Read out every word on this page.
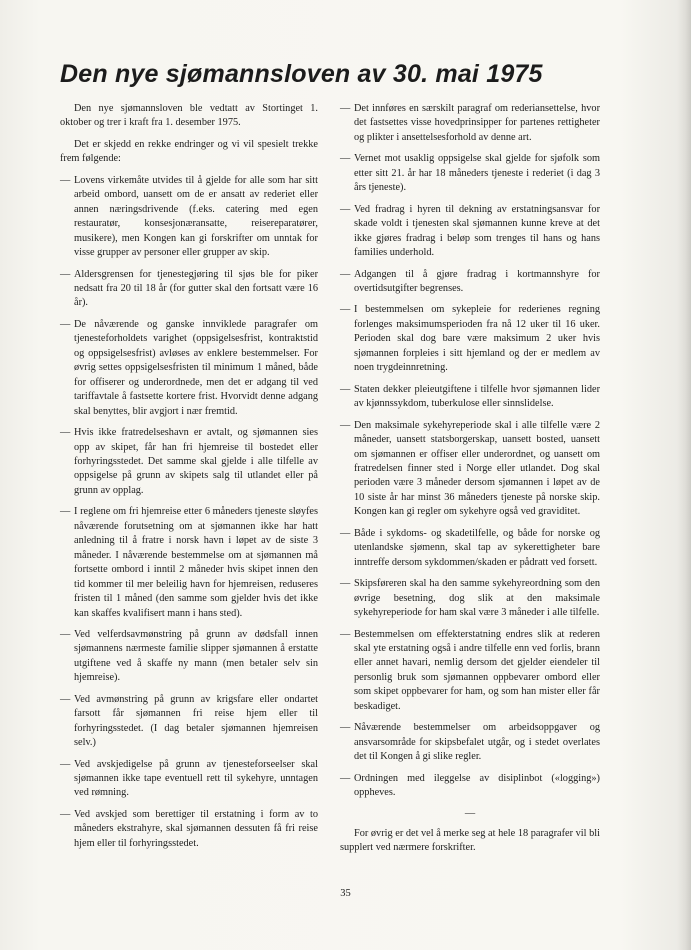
Den nye sjømannsloven av 30. mai 1975

Den nye sjømannsloven ble vedtatt av Stortinget 1. oktober og trer i kraft fra 1. desember 1975.

Det er skjedd en rekke endringer og vi vil spesielt trekke frem følgende:

— Lovens virkemåte utvides til å gjelde for alle som har sitt arbeid ombord, uansett om de er ansatt av rederiet eller annen næringsdrivende (f.eks. catering med egen restauratør, konsesjonæransatte, reisereparatører, musikere), men Kongen kan gi forskrifter om unntak for visse grupper av personer eller grupper av skip.
— Aldersgrensen for tjenestegjøring til sjøs ble for piker nedsatt fra 20 til 18 år (for gutter skal den fortsatt være 16 år).
— De nåværende og ganske innviklede paragrafer om tjenesteforholdets varighet (oppsigelsesfrist, kontraktstid og oppsigelsesfrist) avløses av enklere bestemmelser. For øvrig settes oppsigelsesfristen til minimum 1 måned, både for offiserer og underordnede, men det er adgang til ved tariffavtale å fastsette kortere frist. Hvorvidt denne adgang skal benyttes, blir avgjort i nær fremtid.
— Hvis ikke fratredelseshavn er avtalt, og sjømannen sies opp av skipet, får han fri hjemreise til bostedet eller forhyringsstedet. Det samme skal gjelde i alle tilfelle av oppsigelse på grunn av skipets salg til utlandet eller på grunn av opplag.
— I reglene om fri hjemreise etter 6 måneders tjeneste sløyfes nåværende forutsetning om at sjømannen ikke har hatt anledning til å fratre i norsk havn i løpet av de siste 3 måneder. I nåværende bestemmelse om at sjømannen må fortsette ombord i inntil 2 måneder hvis skipet innen den tid kommer til mer beleilig havn for hjemreisen, reduseres fristen til 1 måned (den samme som gjelder hvis det ikke kan skaffes kvalifisert mann i hans sted).
— Ved velferdsavmønstring på grunn av dødsfall innen sjømannens nærmeste familie slipper sjømannen å erstatte utgiftene ved å skaffe ny mann (men betaler selv sin hjemreise).
— Ved avmønstring på grunn av krigsfare eller ondartet farsott får sjømannen fri reise hjem eller til forhyringsstedet. (I dag betaler sjømannen hjemreisen selv.)
— Ved avskjedigelse på grunn av tjenesteforseelser skal sjømannen ikke tape eventuell rett til sykehyre, unntagen ved rømning.
— Ved avskjed som berettiger til erstatning i form av to måneders ekstrahyre, skal sjømannen dessuten få fri reise hjem eller til forhyringsstedet.
— Det innføres en særskilt paragraf om rederiansettelse, hvor det fastsettes visse hovedprinsipper for partenes rettigheter og plikter i ansettelsesforhold av denne art.
— Vernet mot usaklig oppsigelse skal gjelde for sjøfolk som etter sitt 21. år har 18 måneders tjeneste i rederiet (i dag 3 års tjeneste).
— Ved fradrag i hyren til dekning av erstatningsansvar for skade voldt i tjenesten skal sjømannen kunne kreve at det ikke gjøres fradrag i beløp som trenges til hans og hans families underhold.
— Adgangen til å gjøre fradrag i kortmannshyre for overtidsutgifter begrenses.
— I bestemmelsen om sykepleie for rederienes regning forlenges maksimumsperioden fra nå 12 uker til 16 uker. Perioden skal dog bare være maksimum 2 uker hvis sjømannen forpleies i sitt hjemland og der er medlem av noen trygdeinnretning.
— Staten dekker pleieutgiftene i tilfelle hvor sjømannen lider av kjønnssykdom, tuberkulose eller sinnslidelse.
— Den maksimale sykehyreperiode skal i alle tilfelle være 2 måneder, uansett statsborgerskap, uansett bosted, uansett om sjømannen er offiser eller underordnet, og uansett om fratredelsen finner sted i Norge eller utlandet. Dog skal perioden være 3 måneder dersom sjømannen i løpet av de 10 siste år har minst 36 måneders tjeneste på norske skip. Kongen kan gi regler om sykehyre også ved graviditet.
— Både i sykdoms- og skadetilfelle, og både for norske og utenlandske sjømenn, skal tap av sykerettigheter bare inntreffe dersom sykdommen/skaden er pådratt ved forsett.
— Skipsføreren skal ha den samme sykehyreordning som den øvrige besetning, dog slik at den maksimale sykehyreperiode for ham skal være 3 måneder i alle tilfelle.
— Bestemmelsen om effekterstatning endres slik at rederen skal yte erstatning også i andre tilfelle enn ved forlis, brann eller annet havari, nemlig dersom det gjelder eiendeler til personlig bruk som sjømannen oppbevarer ombord eller som skipet oppbevarer for ham, og som han mister eller får beskadiget.
— Nåværende bestemmelser om arbeidsoppgaver og ansvarsområde for skipsbefalet utgår, og i stedet overlates det til Kongen å gi slike regler.
— Ordningen med ileggelse av disiplinbot («logging») oppheves.
—

For øvrig er det vel å merke seg at hele 18 paragrafer vil bli supplert ved nærmere forskrifter.

35
